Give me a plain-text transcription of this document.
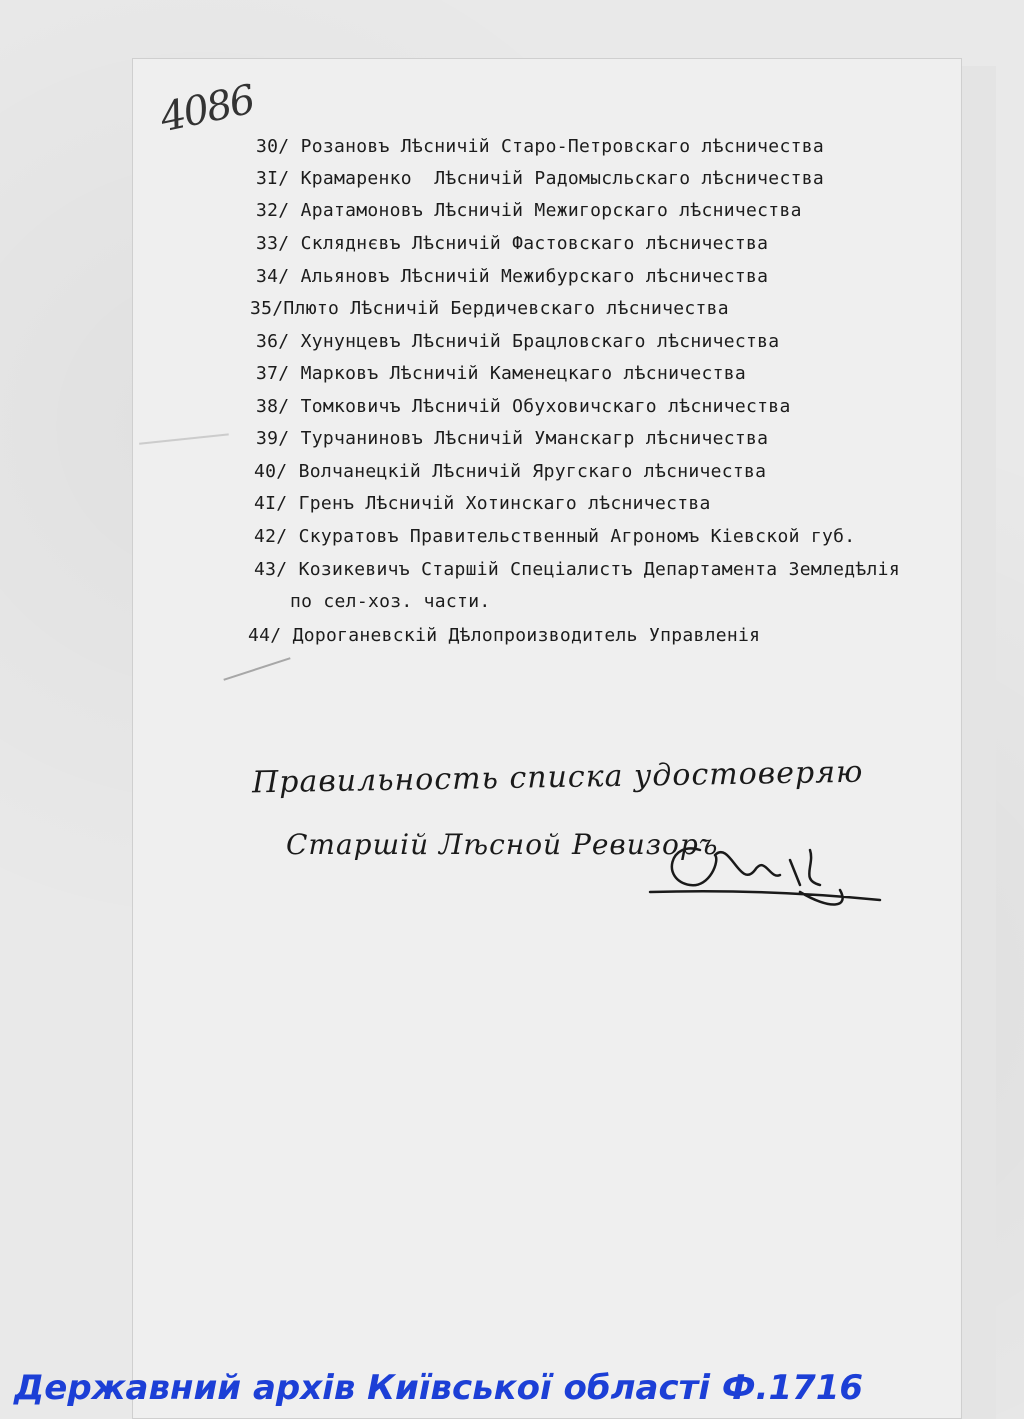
4086
30/ Розановъ Лѣсничій Старо-Петровскаго лѣсничества
3I/ Крамаренко  Лѣсничій Радомысльскаго лѣсничества
32/ Аратамоновъ Лѣсничій Межигорскаго лѣсничества
33/ Скляднєвъ Лѣсничій Фастовскаго лѣсничества
34/ Альяновъ Лѣсничій Межибурскаго лѣсничества
35/Плюто Лѣсничій Бердичевскаго лѣсничества
36/ Хунунцевъ Лѣсничій Брацловскаго лѣсничества
37/ Марковъ Лѣсничій Каменецкаго лѣсничества
38/ Томковичъ Лѣсничій Обуховичскаго лѣсничества
39/ Турчаниновъ Лѣсничій Уманскагр лѣсничества
40/ Волчанецкій Лѣсничій Яругскаго лѣсничества
4I/ Гренъ Лѣсничій Хотинскаго лѣсничества
42/ Скуратовъ Правительственный Агрономъ Кіевской губ.
43/ Козикевичъ Старшій Спеціалистъ Департамента Земледѣлія
по сел-хоз. части.
44/ Дороганевскій Дѣлопроизводитель Управленія
Правильность списка удостоверяю
Старшій Лѣсной Ревизоръ
Державний архів Київської області Ф.1716
